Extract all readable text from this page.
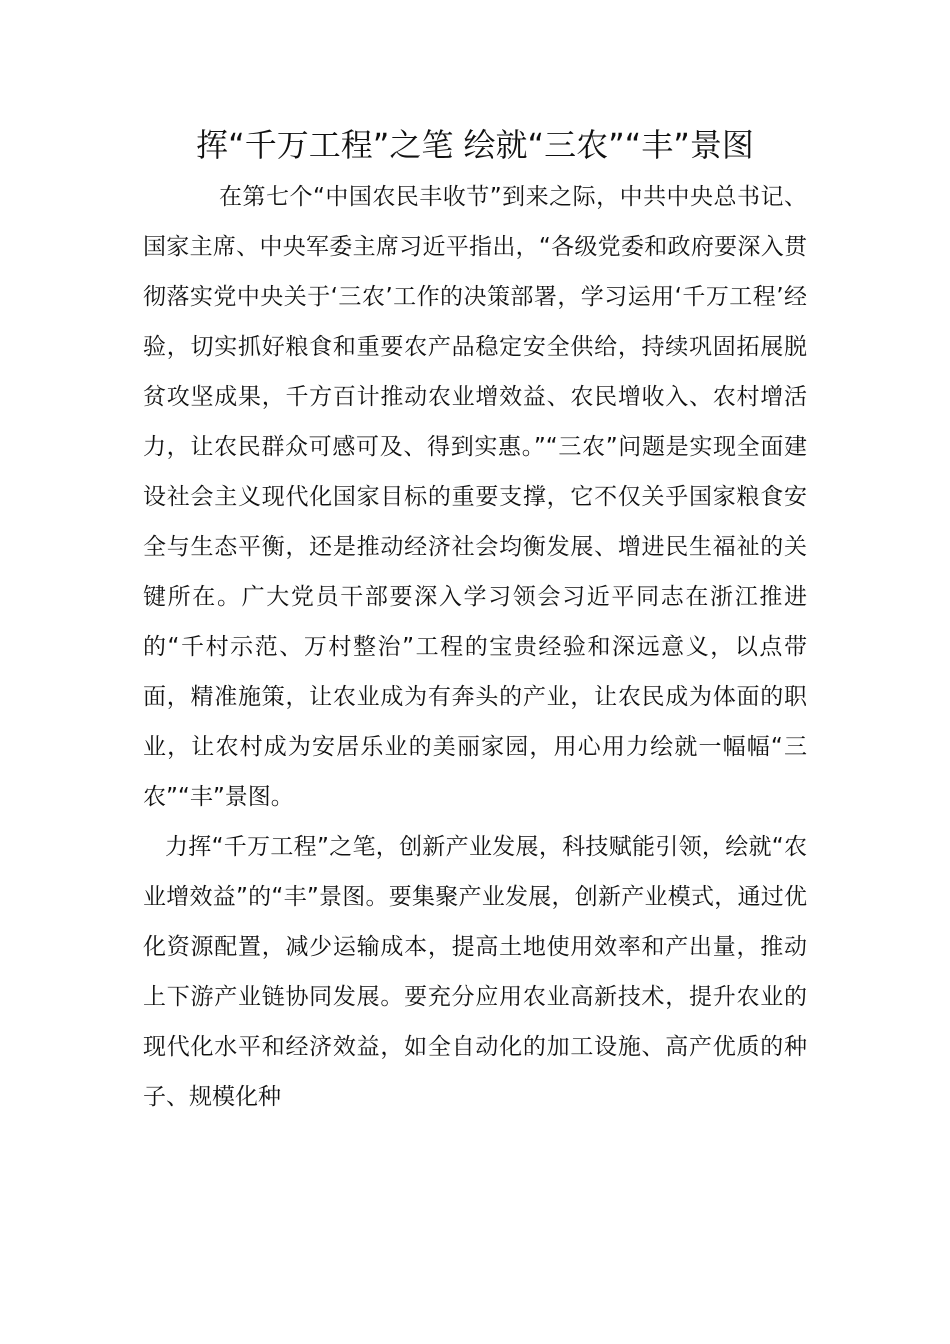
挥“千万工程”之笔 绘就“三农”“丰”景图

在第七个“中国农民丰收节”到来之际，中共中央总书记、国家主席、中央军委主席习近平指出，“各级党委和政府要深入贯彻落实党中央关于‘三农’工作的决策部署，学习运用‘千万工程’经验，切实抓好粮食和重要农产品稳定安全供给，持续巩固拓展脱贫攻坚成果，千方百计推动农业增效益、农民增收入、农村增活力，让农民群众可感可及、得到实惠。”“三农”问题是实现全面建设社会主义现代化国家目标的重要支撑，它不仅关乎国家粮食安全与生态平衡，还是推动经济社会均衡发展、增进民生福祉的关键所在。广大党员干部要深入学习领会习近平同志在浙江推进的“千村示范、万村整治”工程的宝贵经验和深远意义，以点带面，精准施策，让农业成为有奔头的产业，让农民成为体面的职业，让农村成为安居乐业的美丽家园，用心用力绘就一幅幅“三农”“丰”景图。

力挥“千万工程”之笔，创新产业发展，科技赋能引领，绘就“农业增效益”的“丰”景图。要集聚产业发展，创新产业模式，通过优化资源配置，减少运输成本，提高土地使用效率和产出量，推动上下游产业链协同发展。要充分应用农业高新技术，提升农业的现代化水平和经济效益，如全自动化的加工设施、高产优质的种子、规模化种
